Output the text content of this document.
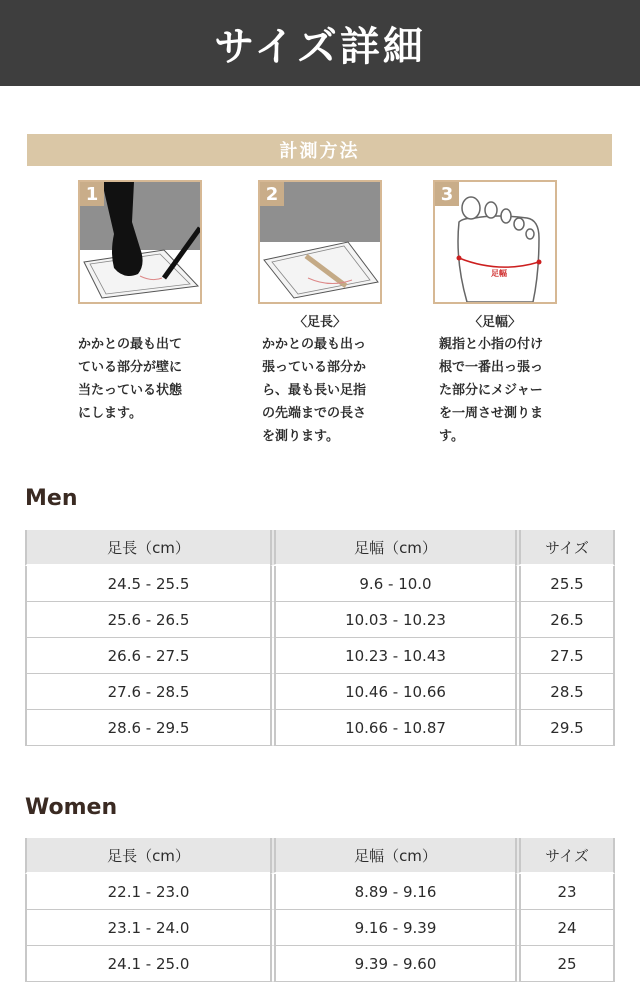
サイズ詳細
計測方法
1	2	3
足幅
〈足長〉	〈足幅〉
かかとの最も出て
ている部分が壁に
当たっている状態
にします。
かかとの最も出っ
張っている部分か
ら、最も長い足指
の先端までの長さ
を測ります。
親指と小指の付け
根で一番出っ張っ
た部分にメジャー
を一周させ測りま
す。
Men
足長（cm）	足幅（cm）	サイズ
24.5 - 25.5	9.6 - 10.0	25.5
25.6 - 26.5	10.03 - 10.23	26.5
26.6 - 27.5	10.23 - 10.43	27.5
27.6 - 28.5	10.46 - 10.66	28.5
28.6 - 29.5	10.66 - 10.87	29.5
Women
足長（cm）	足幅（cm）	サイズ
22.1 - 23.0	8.89 - 9.16	23
23.1 - 24.0	9.16 - 9.39	24
24.1 - 25.0	9.39 - 9.60	25
